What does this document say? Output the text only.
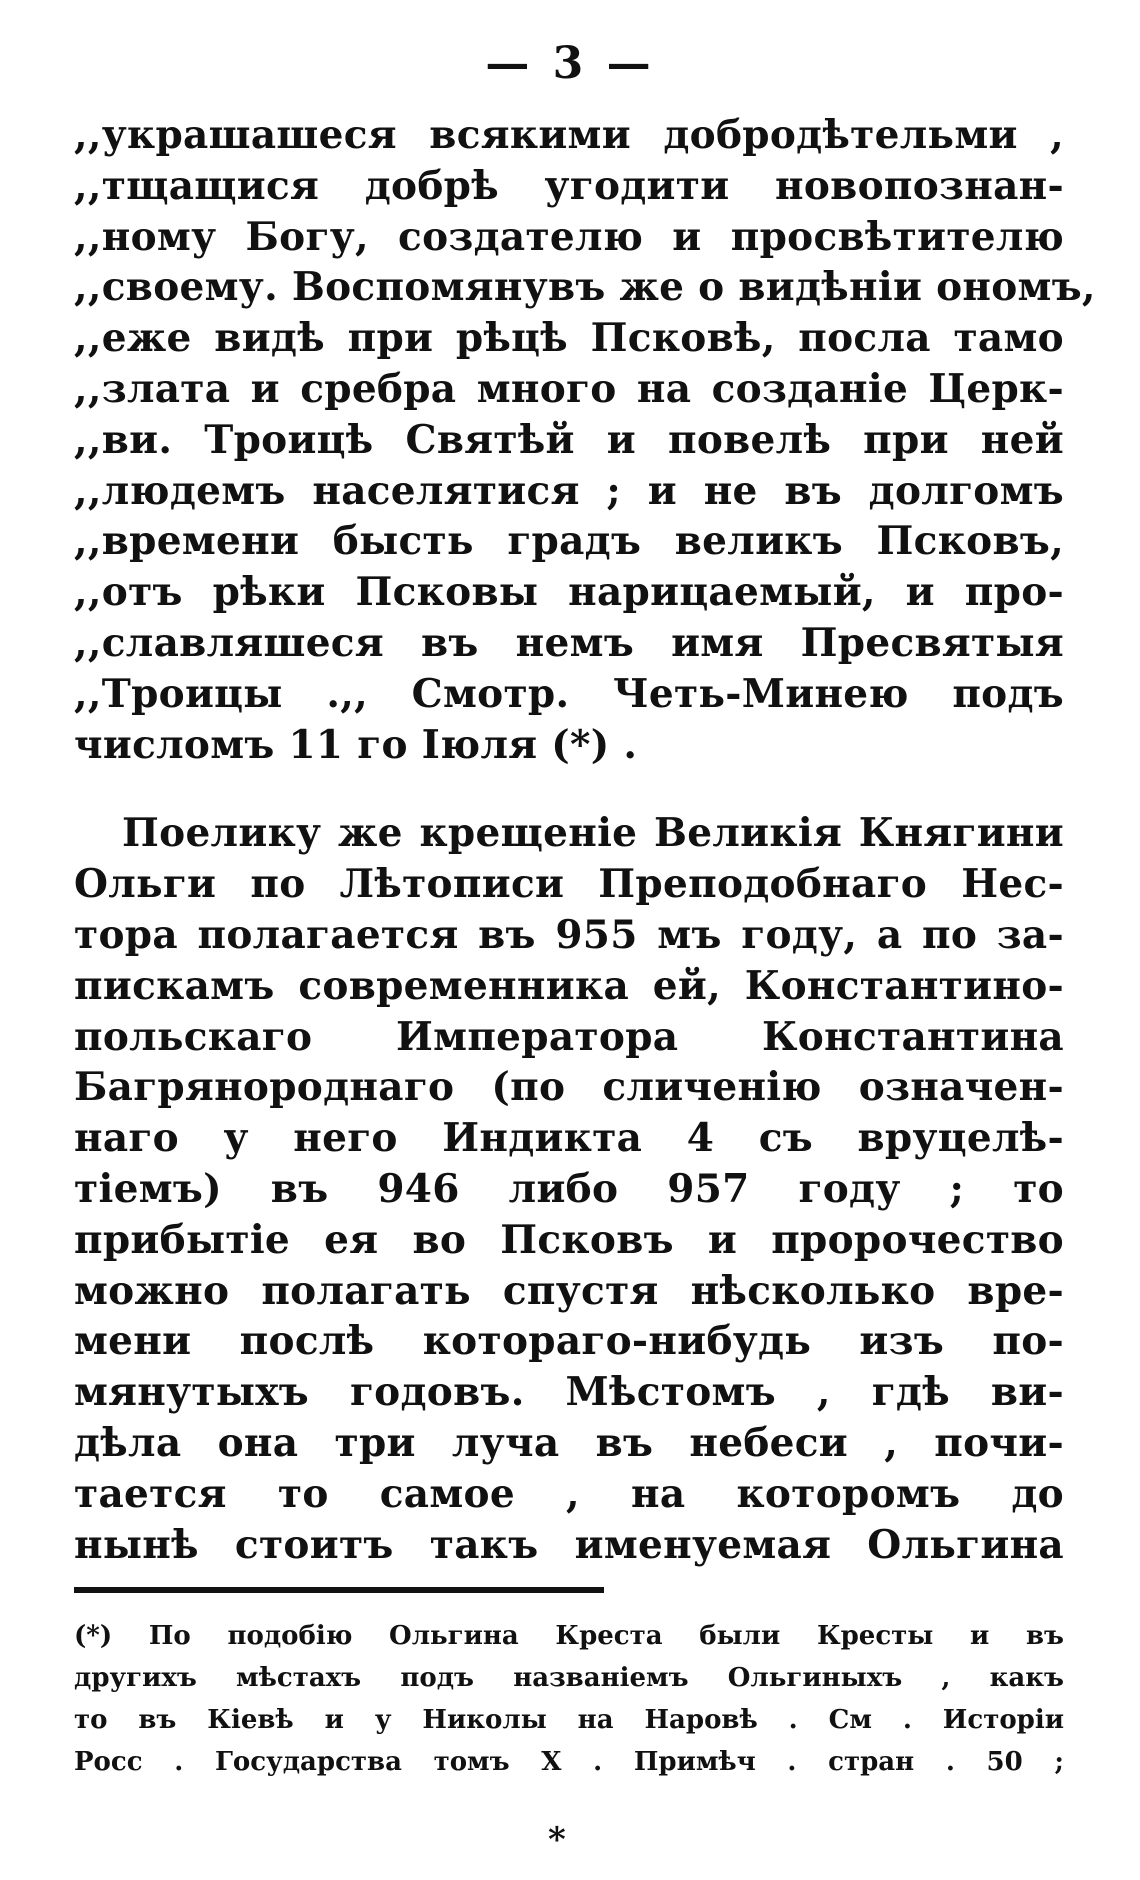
— 3 —
,,украшашеся всякими добродѣтельми ,
,,тщащися добрѣ угодити новопознан-
,,ному Богу, создателю и просвѣтителю
,,своему. Воспомянувъ же о видѣніи ономъ,
,,еже видѣ при рѣцѣ Псковѣ, посла тамо
,,злата и сребра много на созданіе Церк-
,,ви. Троицѣ Святѣй и повелѣ при ней
,,людемъ населятися ; и не въ долгомъ
,,времени бысть градъ великъ Псковъ,
,,отъ рѣки Псковы нарицаемый, и про-
,,славляшеся въ немъ имя Пресвятыя
,,Троицы .,, Смотр. Четь-Минею подъ
числомъ 11 го Іюля (*) .
Поелику же крещеніе Великія Княгини
Ольги по Лѣтописи Преподобнаго Нес-
тора полагается въ 955 мъ году, а по за-
пискамъ современника ей, Константино-
польскаго Императора Константина
Багрянороднаго (по сличенію означен-
наго у него Индикта 4 съ вруцелѣ-
тіемъ) въ 946 либо 957 году ; то
прибытіе ея во Псковъ и пророчество
можно полагать спустя нѣсколько вре-
мени послѣ котораго-нибудь изъ по-
мянутыхъ годовъ. Мѣстомъ , гдѣ ви-
дѣла она три луча въ небеси , почи-
тается то самое , на которомъ до
нынѣ стоитъ такъ именуемая Ольгина
(*) По подобію Ольгина Креста были Кресты и въ
другихъ мѣстахъ подъ названіемъ Ольгиныхъ , какъ
то въ Кіевѣ и у Николы на Наровѣ . См . Исторіи
Росс . Государства томъ X . Примѣч . стран . 50 ;
*
